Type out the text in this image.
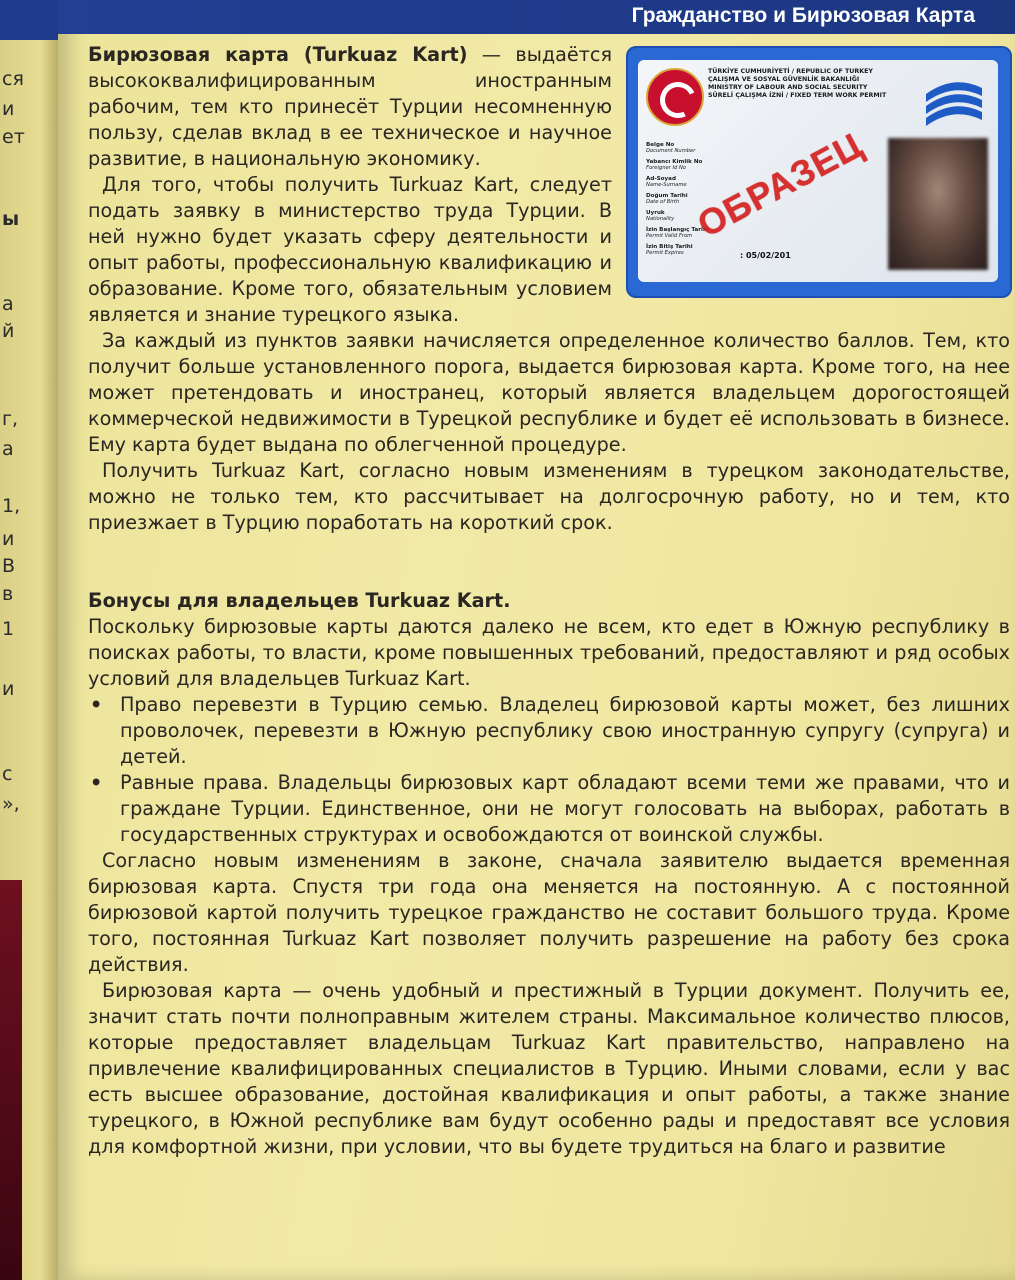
ся
и
ет
ы
а
й
г,
а
1,
и
В
в
1
и
с
»,
Гражданство и Бирюзовая Карта
TÜRKİYE CUMHURİYETİ / REPUBLIC OF TURKEY
ÇALIŞMA VE SOSYAL GÜVENLİK BAKANLIĞI
MINISTRY OF LABOUR AND SOCIAL SECURITY
SÜRELİ ÇALIŞMA İZNİ / FIXED TERM WORK PERMIT
Belge No
Document Number
Yabancı Kimlik No
Foreigner Id No
Ad-Soyad
Name-Surname
Doğum Tarihi
Date of Birth
Uyruk
Nationality
İzin Başlangıç Tarihi
Permit Valid From
İzin Bitiş Tarihi
Permit Expires	: 05/02/201
ОБРАЗЕЦ

Бирюзовая карта (Turkuaz Kart) — выдаётся высококвалифицированным иностранным рабочим, тем кто принесёт Турции несомненную пользу, сделав вклад в ее техническое и научное развитие, в национальную экономику.

Для того, чтобы получить Turkuaz Kart, следует подать заявку в министерство труда Турции. В ней нужно будет указать сферу деятельности и опыт работы, профессиональную квалификацию и образование. Кроме того, обязательным условием является и знание турецкого языка.

За каждый из пунктов заявки начисляется определенное количество баллов. Тем, кто получит больше установленного порога, выдается бирюзовая карта. Кроме того, на нее может претендовать и иностранец, который является владельцем дорогостоящей коммерческой недвижимости в Турецкой республике и будет её использовать в бизнесе. Ему карта будет выдана по облегченной процедуре.

Получить Turkuaz Kart, согласно новым изменениям в турецком законодательстве, можно не только тем, кто рассчитывает на долгосрочную работу, но и тем, кто приезжает в Турцию поработать на короткий срок.

Бонусы для владельцев Turkuaz Kart.

Поскольку бирюзовые карты даются далеко не всем, кто едет в Южную республику в поисках работы, то власти, кроме повышенных требований, предоставляют и ряд особых условий для владельцев Turkuaz Kart.

• Право перевезти в Турцию семью. Владелец бирюзовой карты может, без лишних проволочек, перевезти в Южную республику свою иностранную супругу (супруга) и детей.
• Равные права. Владельцы бирюзовых карт обладают всеми теми же правами, что и граждане Турции. Единственное, они не могут голосовать на выборах, работать в государственных структурах и освобождаются от воинской службы.

Согласно новым изменениям в законе, сначала заявителю выдается временная бирюзовая карта. Спустя три года она меняется на постоянную. А с постоянной бирюзовой картой получить турецкое гражданство не составит большого труда. Кроме того, постоянная Turkuaz Kart позволяет получить разрешение на работу без срока действия.

Бирюзовая карта — очень удобный и престижный в Турции документ. Получить ее, значит стать почти полноправным жителем страны. Максимальное количество плюсов, которые предоставляет владельцам Turkuaz Kart правительство, направлено на привлечение квалифицированных специалистов в Турцию. Иными словами, если у вас есть высшее образование, достойная квалификация и опыт работы, а также знание турецкого, в Южной республике вам будут особенно рады и предоставят все условия для комфортной жизни, при условии, что вы будете трудиться на благо и развитие
